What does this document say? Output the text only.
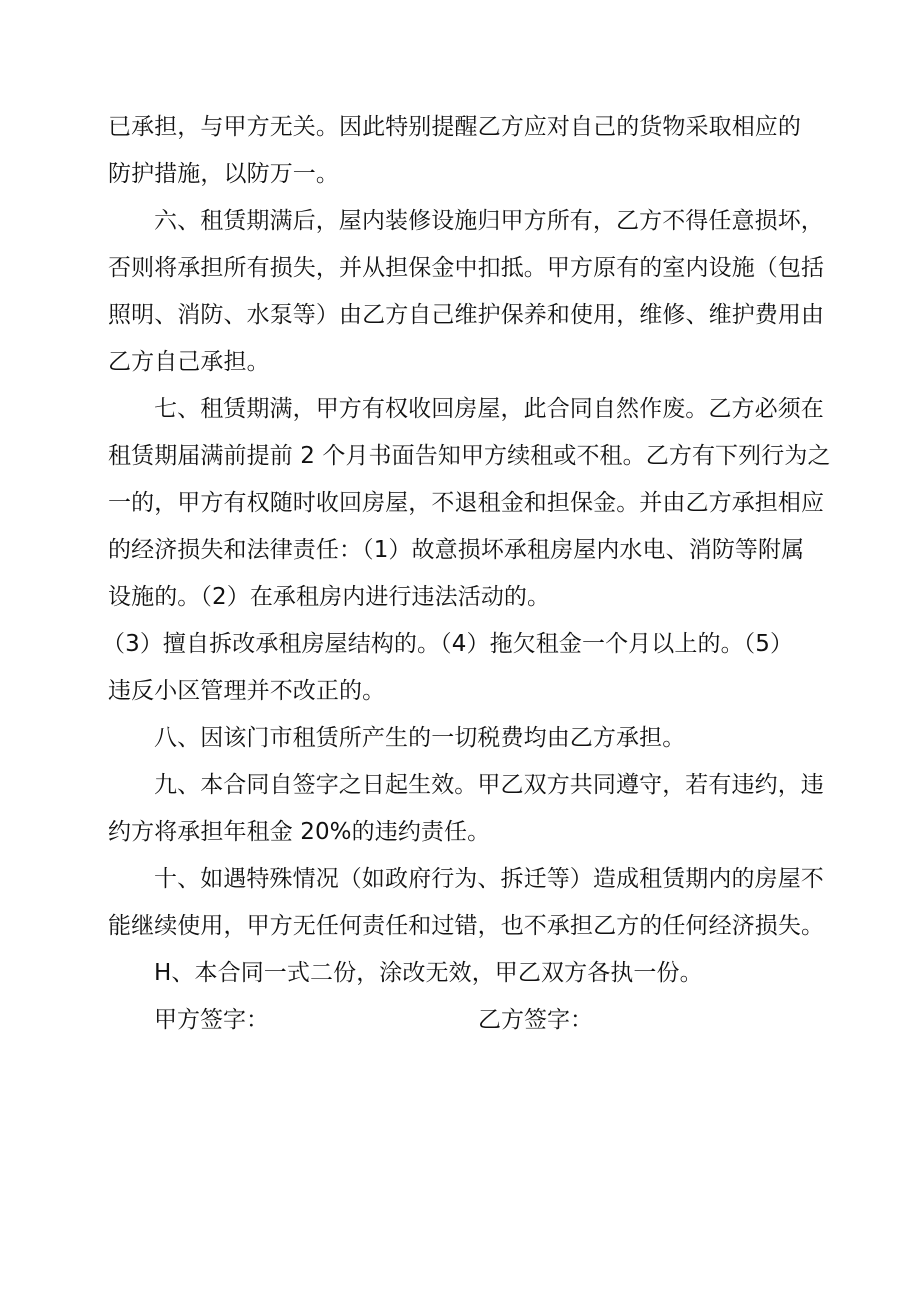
已承担，与甲方无关。因此特别提醒乙方应对自己的货物采取相应的
防护措施，以防万一。
六、租赁期满后，屋内装修设施归甲方所有，乙方不得任意损坏，
否则将承担所有损失，并从担保金中扣抵。甲方原有的室内设施（包括
照明、消防、水泵等）由乙方自己维护保养和使用，维修、维护费用由
乙方自己承担。
七、租赁期满，甲方有权收回房屋，此合同自然作废。乙方必须在
租赁期届满前提前 2 个月书面告知甲方续租或不租。乙方有下列行为之
一的，甲方有权随时收回房屋，不退租金和担保金。并由乙方承担相应
的经济损失和法律责任：（1）故意损坏承租房屋内水电、消防等附属
设施的。（2）在承租房内进行违法活动的。
（3）擅自拆改承租房屋结构的。（4）拖欠租金一个月以上的。（5）
违反小区管理并不改正的。
八、因该门市租赁所产生的一切税费均由乙方承担。
九、本合同自签字之日起生效。甲乙双方共同遵守，若有违约，违
约方将承担年租金 20%的违约责任。
十、如遇特殊情况（如政府行为、拆迁等）造成租赁期内的房屋不
能继续使用，甲方无任何责任和过错，也不承担乙方的任何经济损失。
H、本合同一式二份，涂改无效，甲乙双方各执一份。
甲方签字：	乙方签字：
